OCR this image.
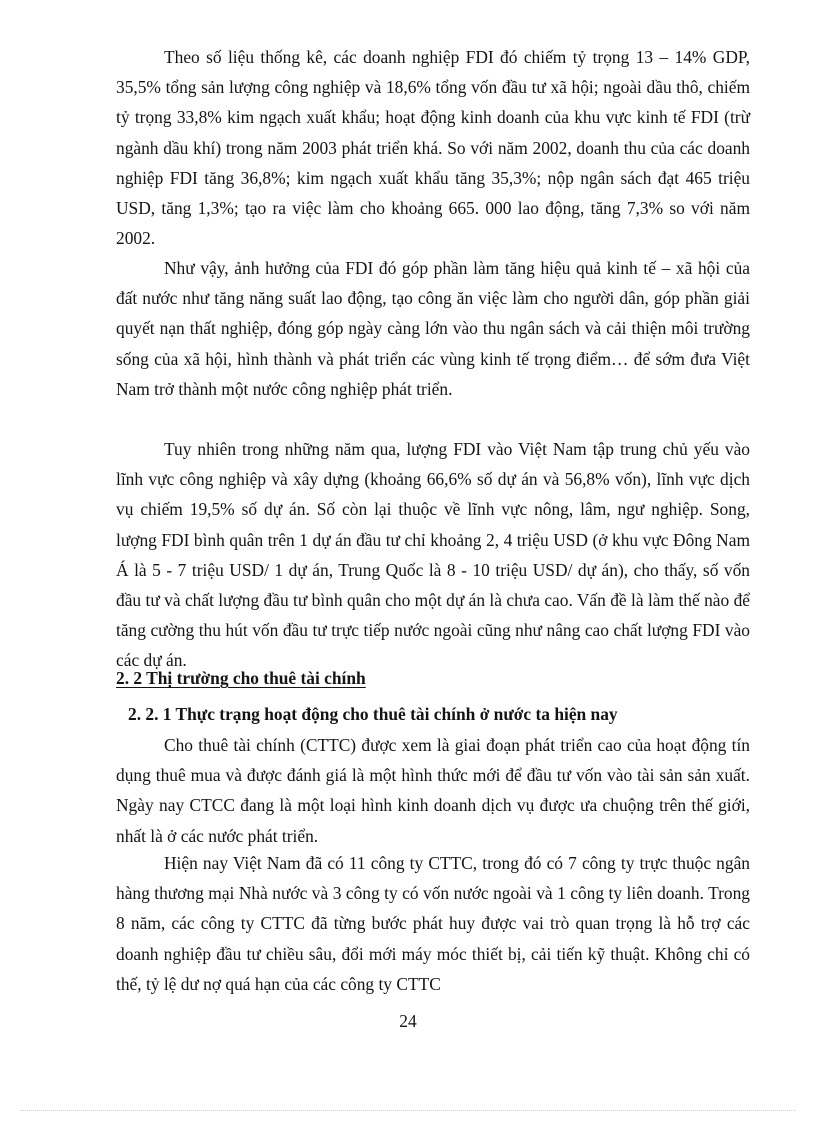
Theo số liệu thống kê, các doanh nghiệp FDI đó chiếm tỷ trọng 13 – 14% GDP, 35,5% tổng sản lượng công nghiệp và 18,6% tổng vốn đầu tư xã hội; ngoài dầu thô, chiếm tỷ trọng 33,8% kim ngạch xuất khẩu; hoạt động kinh doanh của khu vực kinh tế FDI (trừ ngành dầu khí) trong năm 2003 phát triển khá. So với năm 2002, doanh thu của các doanh nghiệp FDI tăng 36,8%; kim ngạch xuất khẩu tăng 35,3%; nộp ngân sách đạt 465 triệu USD, tăng 1,3%; tạo ra việc làm cho khoảng 665. 000 lao động, tăng 7,3% so với năm 2002.

Như vậy, ảnh hưởng của FDI đó góp phần làm tăng hiệu quả kinh tế – xã hội của đất nước như tăng năng suất lao động, tạo công ăn việc làm cho người dân, góp phần giải quyết nạn thất nghiệp, đóng góp ngày càng lớn vào thu ngân sách và cải thiện môi trường sống của xã hội, hình thành và phát triển các vùng kinh tế trọng điểm… để sớm đưa Việt Nam trở thành một nước công nghiệp phát triển.

Tuy nhiên trong những năm qua, lượng FDI vào Việt Nam tập trung chủ yếu vào lĩnh vực công nghiệp và xây dựng (khoảng 66,6% số dự án và 56,8% vốn), lĩnh vực dịch vụ chiếm 19,5% số dự án. Số còn lại thuộc về lĩnh vực nông, lâm, ngư nghiệp. Song, lượng FDI bình quân trên 1 dự án đầu tư chỉ khoảng 2, 4 triệu USD (ở khu vực Đông Nam Á là 5 - 7 triệu USD/ 1 dự án, Trung Quốc là 8 - 10 triệu USD/ dự án), cho thấy, số vốn đầu tư và chất lượng đầu tư bình quân cho một dự án là chưa cao. Vấn đề là làm thế nào để tăng cường thu hút vốn đầu tư trực tiếp nước ngoài cũng như nâng cao chất lượng FDI vào các dự án.

2. 2 Thị trường cho thuê tài chính
2. 2. 1 Thực trạng hoạt động cho thuê tài chính ở nước ta hiện nay

Cho thuê tài chính (CTTC) được xem là giai đoạn phát triển cao của hoạt động tín dụng thuê mua và được đánh giá là một hình thức mới để đầu tư vốn vào tài sản sản xuất. Ngày nay CTCC đang là một loại hình kinh doanh dịch vụ được ưa chuộng trên thế giới, nhất là ở các nước phát triển.

Hiện nay Việt Nam đã có 11 công ty CTTC, trong đó có 7 công ty trực thuộc ngân hàng thương mại Nhà nước và 3 công ty có vốn nước ngoài và 1 công ty liên doanh. Trong 8 năm, các công ty CTTC đã từng bước phát huy được vai trò quan trọng là hỗ trợ các doanh nghiệp đầu tư chiều sâu, đổi mới máy móc thiết bị, cải tiến kỹ thuật. Không chỉ có thế, tỷ lệ dư nợ quá hạn của các công ty CTTC

24
